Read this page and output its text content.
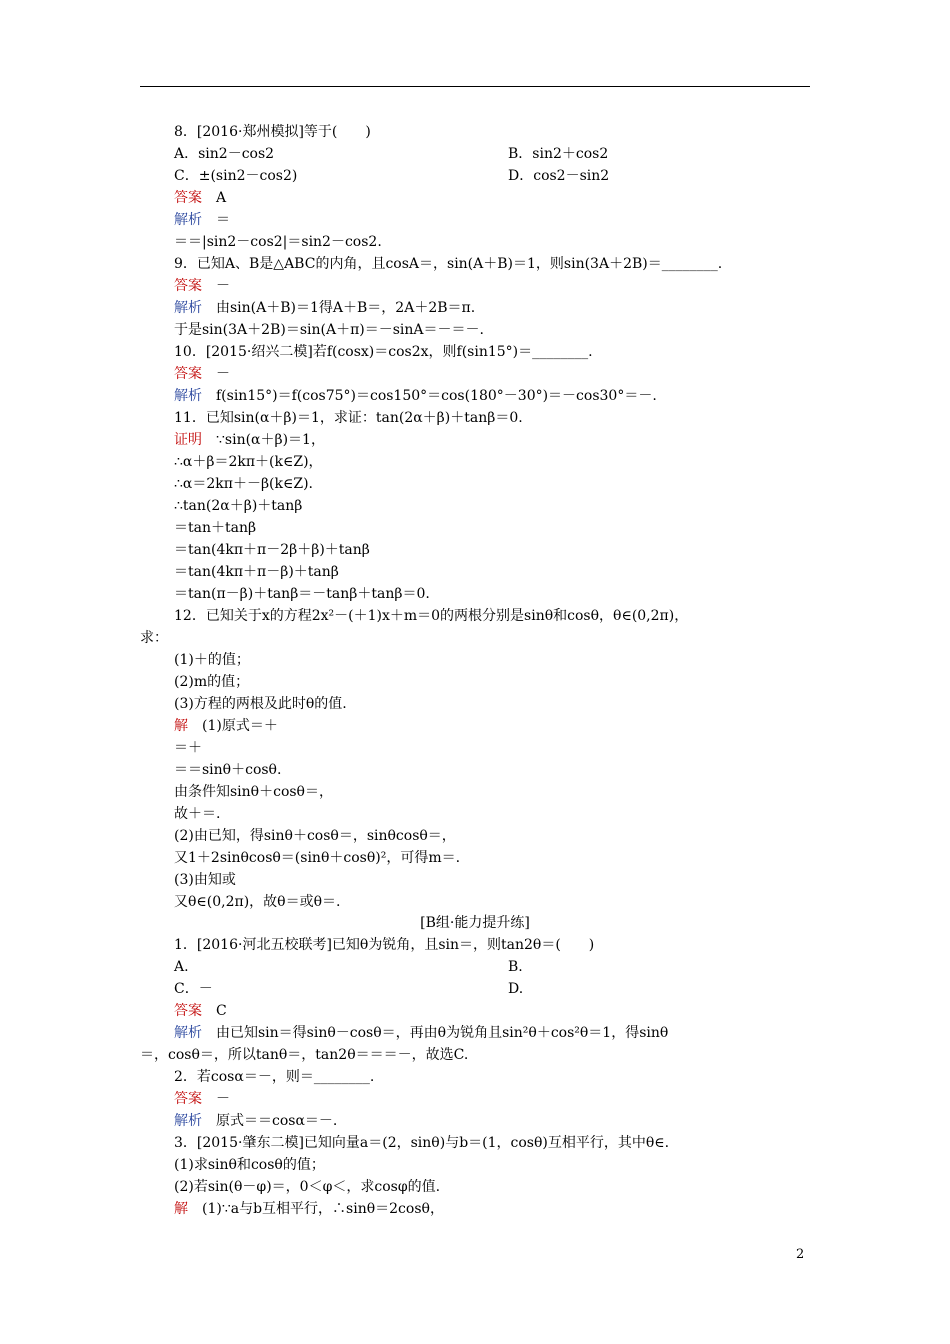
8．[2016·郑州模拟]等于(　　)
A．sin2－cos2	B．sin2＋cos2
C．±(sin2－cos2)	D．cos2－sin2
答案 A
解析 ＝
＝＝|sin2－cos2|＝sin2－cos2.
9．已知A、B是△ABC的内角，且cosA＝，sin(A＋B)＝1，则sin(3A＋2B)＝________.
答案 －
解析 由sin(A＋B)＝1得A＋B＝，2A＋2B＝π.
于是sin(3A＋2B)＝sin(A＋π)＝－sinA＝－＝－.
10．[2015·绍兴二模]若f(cosx)＝cos2x，则f(sin15°)＝________.
答案 －
解析 f(sin15°)＝f(cos75°)＝cos150°＝cos(180°－30°)＝－cos30°＝－.
11．已知sin(α＋β)＝1，求证：tan(2α＋β)＋tanβ＝0.
证明 ∵sin(α＋β)＝1，
∴α＋β＝2kπ＋(k∈Z)，
∴α＝2kπ＋－β(k∈Z).
∴tan(2α＋β)＋tanβ
＝tan＋tanβ
＝tan(4kπ＋π－2β＋β)＋tanβ
＝tan(4kπ＋π－β)＋tanβ
＝tan(π－β)＋tanβ＝－tanβ＋tanβ＝0.
12．已知关于x的方程2x²－(＋1)x＋m＝0的两根分别是sinθ和cosθ，θ∈(0,2π)，
求：
(1)＋的值；
(2)m的值；
(3)方程的两根及此时θ的值.
解 (1)原式＝＋
＝＋
＝＝sinθ＋cosθ.
由条件知sinθ＋cosθ＝，
故＋＝.
(2)由已知，得sinθ＋cosθ＝，sinθcosθ＝，
又1＋2sinθcosθ＝(sinθ＋cosθ)²，可得m＝.
(3)由知或
又θ∈(0,2π)，故θ＝或θ＝.
[B组·能力提升练]
1．[2016·河北五校联考]已知θ为锐角，且sin＝，则tan2θ＝(　　)
A.	B.
C．－	D.
答案 C
解析 由已知sin＝得sinθ－cosθ＝，再由θ为锐角且sin²θ＋cos²θ＝1，得sinθ
＝，cosθ＝，所以tanθ＝，tan2θ＝＝＝－，故选C.
2．若cosα＝－，则＝________.
答案 －
解析 原式＝＝cosα＝－.
3．[2015·肇东二模]已知向量a＝(2，sinθ)与b＝(1，cosθ)互相平行，其中θ∈.
(1)求sinθ和cosθ的值；
(2)若sin(θ－φ)＝，0＜φ＜，求cosφ的值.
解 (1)∵a与b互相平行，∴sinθ＝2cosθ，
2
